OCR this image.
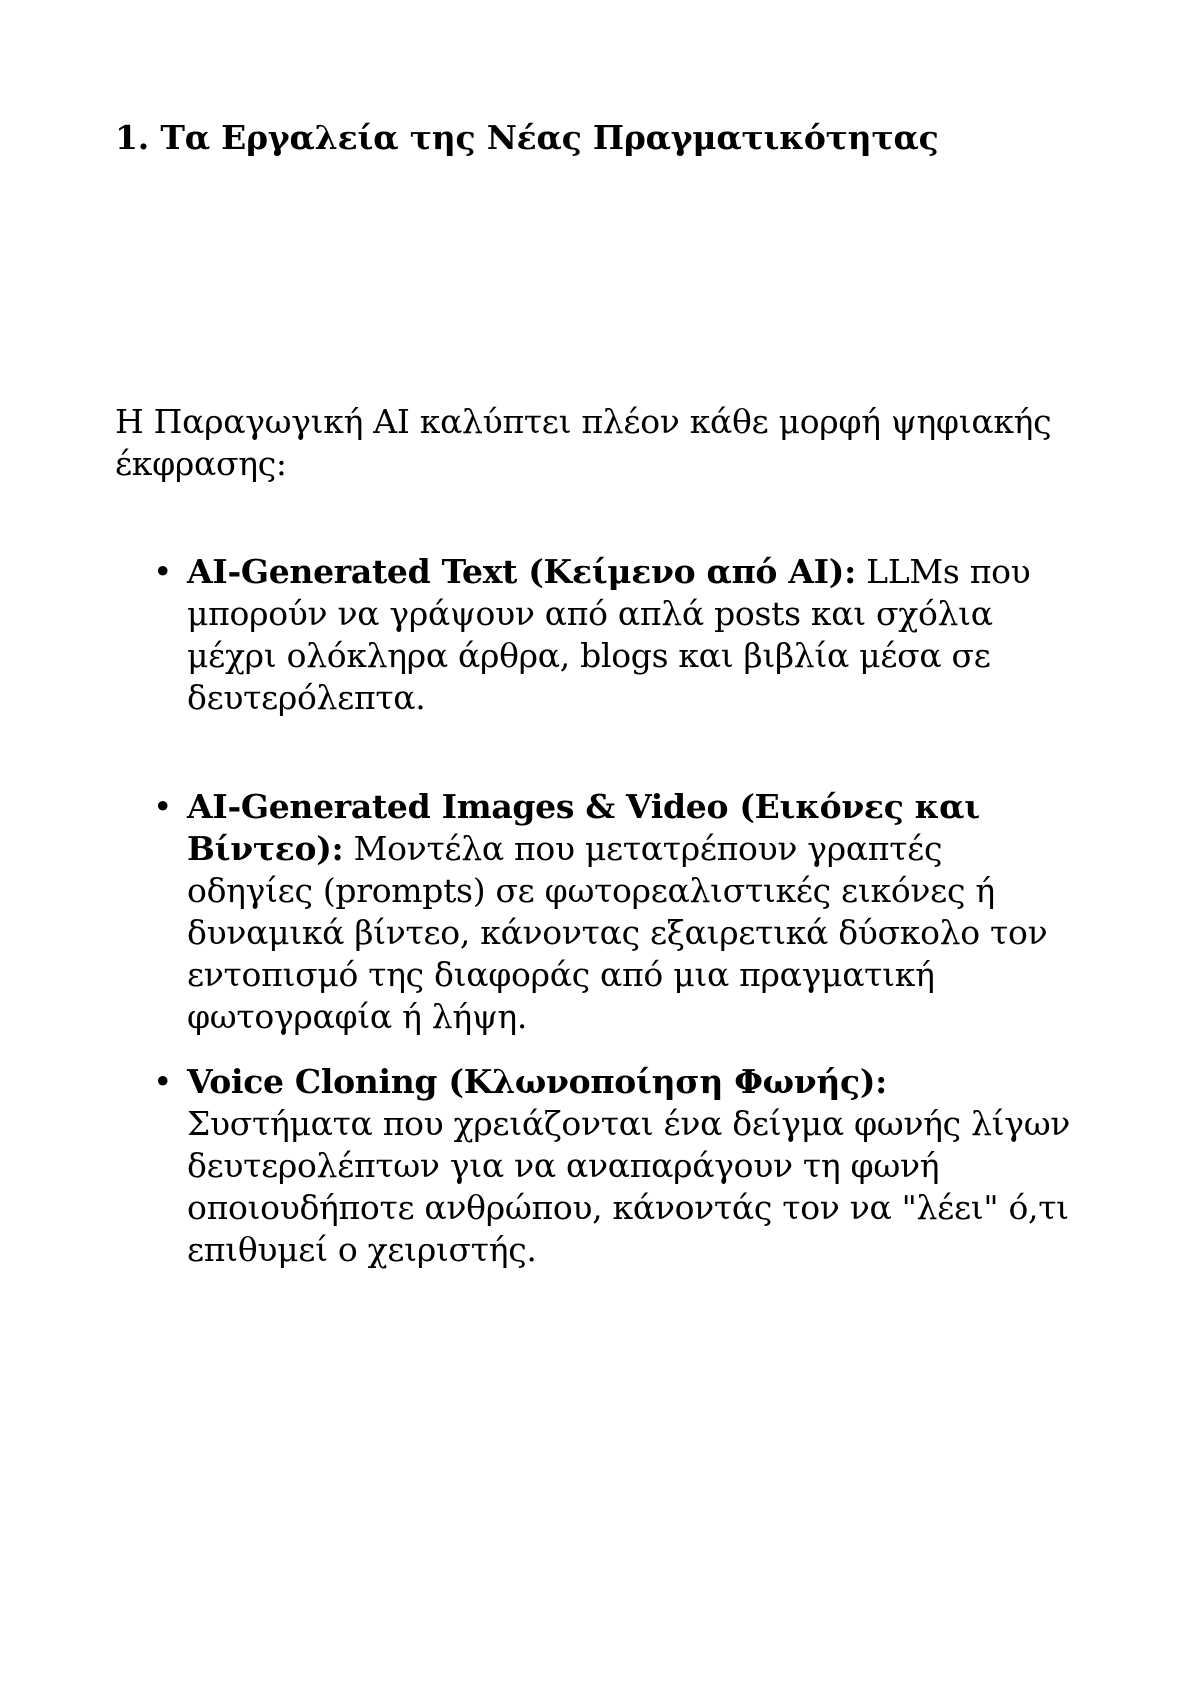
1. Τα Εργαλεία της Νέας Πραγματικότητας

Η Παραγωγική AI καλύπτει πλέον κάθε μορφή ψηφιακής έκφρασης:

• AI-Generated Text (Κείμενο από AI): LLMs που μπορούν να γράψουν από απλά posts και σχόλια μέχρι ολόκληρα άρθρα, blogs και βιβλία μέσα σε δευτερόλεπτα.

• AI-Generated Images & Video (Εικόνες και Βίντεο): Μοντέλα που μετατρέπουν γραπτές οδηγίες (prompts) σε φωτορεαλιστικές εικόνες ή δυναμικά βίντεο, κάνοντας εξαιρετικά δύσκολο τον εντοπισμό της διαφοράς από μια πραγματική φωτογραφία ή λήψη.

• Voice Cloning (Κλωνοποίηση Φωνής): Συστήματα που χρειάζονται ένα δείγμα φωνής λίγων δευτερολέπτων για να αναπαράγουν τη φωνή οποιουδήποτε ανθρώπου, κάνοντάς τον να "λέει" ό,τι επιθυμεί ο χειριστής.
